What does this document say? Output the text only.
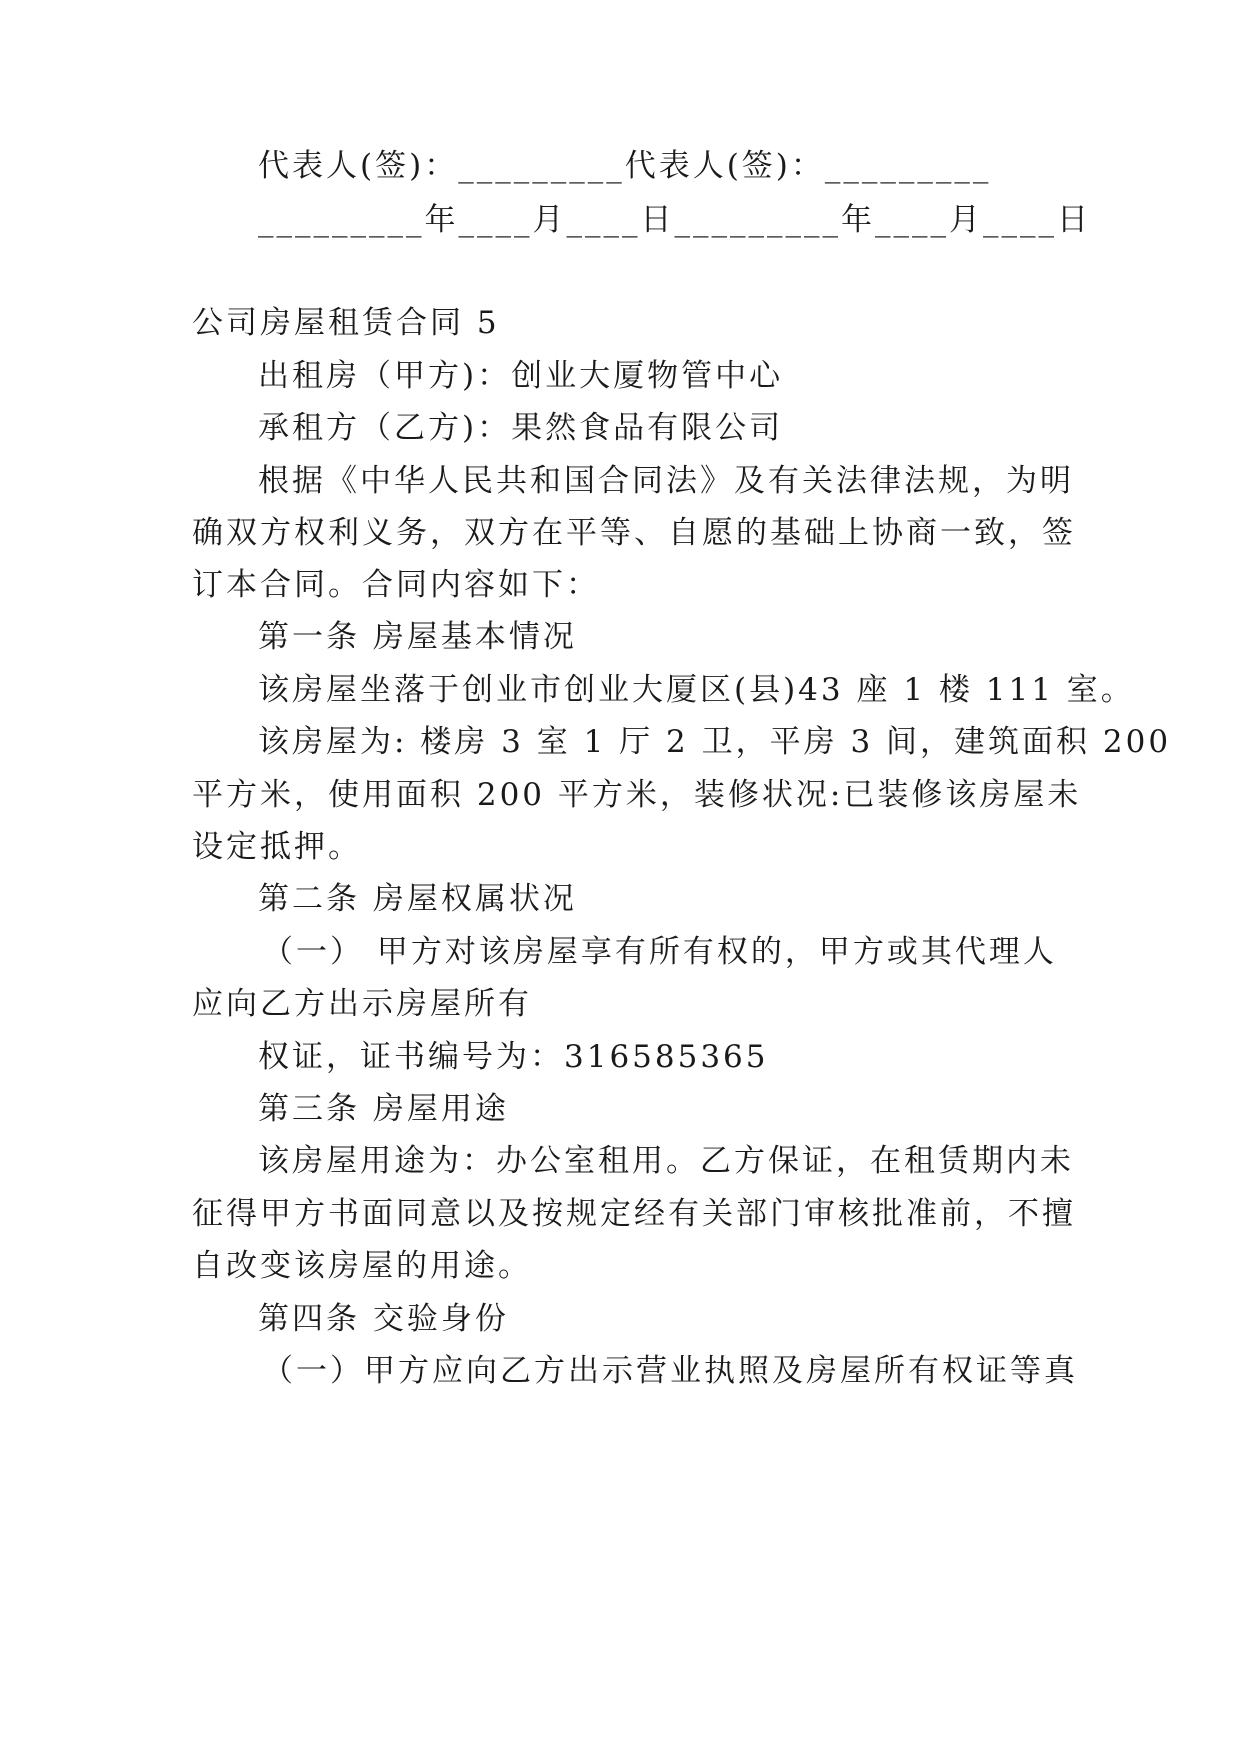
代表人(签)：_________代表人(签)：_________
_________年____月____日_________年____月____日
公司房屋租赁合同 5
出租房（甲方)：创业大厦物管中心
承租方（乙方)：果然食品有限公司
根据《中华人民共和国合同法》及有关法律法规，为明
确双方权利义务，双方在平等、自愿的基础上协商一致，签
订本合同。合同内容如下：
第一条 房屋基本情况
该房屋坐落于创业市创业大厦区(县)43 座 1 楼 111 室。
该房屋为: 楼房 3 室 1 厅 2 卫，平房 3 间，建筑面积 200
平方米，使用面积 200 平方米，装修状况:已装修该房屋未
设定抵押。
第二条 房屋权属状况
（一） 甲方对该房屋享有所有权的，甲方或其代理人
应向乙方出示房屋所有
权证，证书编号为：316585365
第三条 房屋用途
该房屋用途为：办公室租用。乙方保证，在租赁期内未
征得甲方书面同意以及按规定经有关部门审核批准前，不擅
自改变该房屋的用途。
第四条 交验身份
（一）甲方应向乙方出示营业执照及房屋所有权证等真
